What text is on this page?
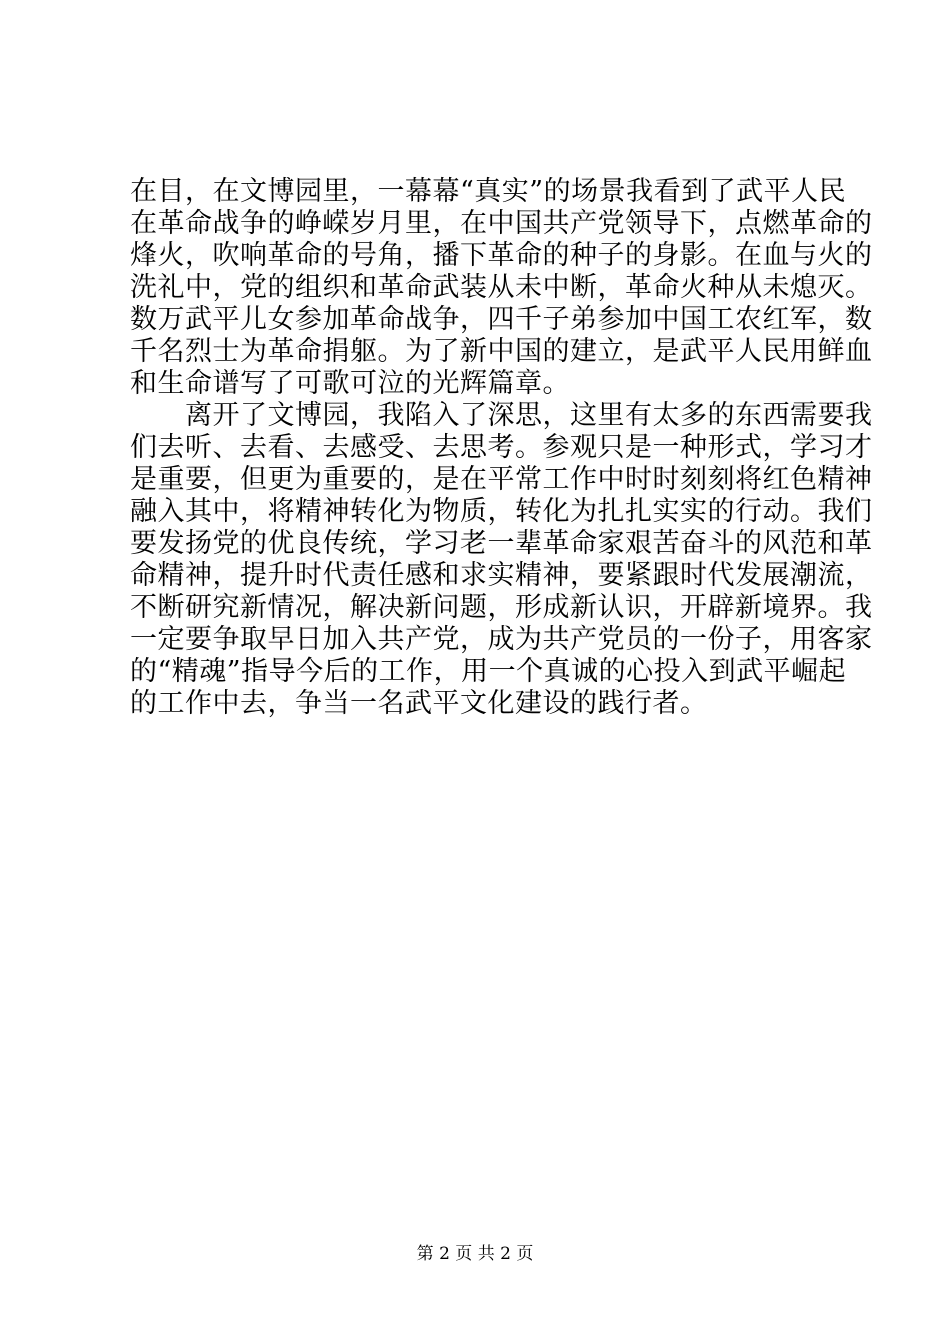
在目，在文博园里，一幕幕“真实”的场景我看到了武平人民
在革命战争的峥嵘岁月里，在中国共产党领导下，点燃革命的
烽火，吹响革命的号角，播下革命的种子的身影。在血与火的
洗礼中，党的组织和革命武装从未中断，革命火种从未熄灭。
数万武平儿女参加革命战争，四千子弟参加中国工农红军，数
千名烈士为革命捐躯。为了新中国的建立，是武平人民用鲜血
和生命谱写了可歌可泣的光辉篇章。
　　离开了文博园，我陷入了深思，这里有太多的东西需要我
们去听、去看、去感受、去思考。参观只是一种形式，学习才
是重要，但更为重要的，是在平常工作中时时刻刻将红色精神
融入其中，将精神转化为物质，转化为扎扎实实的行动。我们
要发扬党的优良传统，学习老一辈革命家艰苦奋斗的风范和革
命精神，提升时代责任感和求实精神，要紧跟时代发展潮流，
不断研究新情况，解决新问题，形成新认识，开辟新境界。我
一定要争取早日加入共产党，成为共产党员的一份子，用客家
的“精魂”指导今后的工作，用一个真诚的心投入到武平崛起
的工作中去，争当一名武平文化建设的践行者。
第 2 页 共 2 页
